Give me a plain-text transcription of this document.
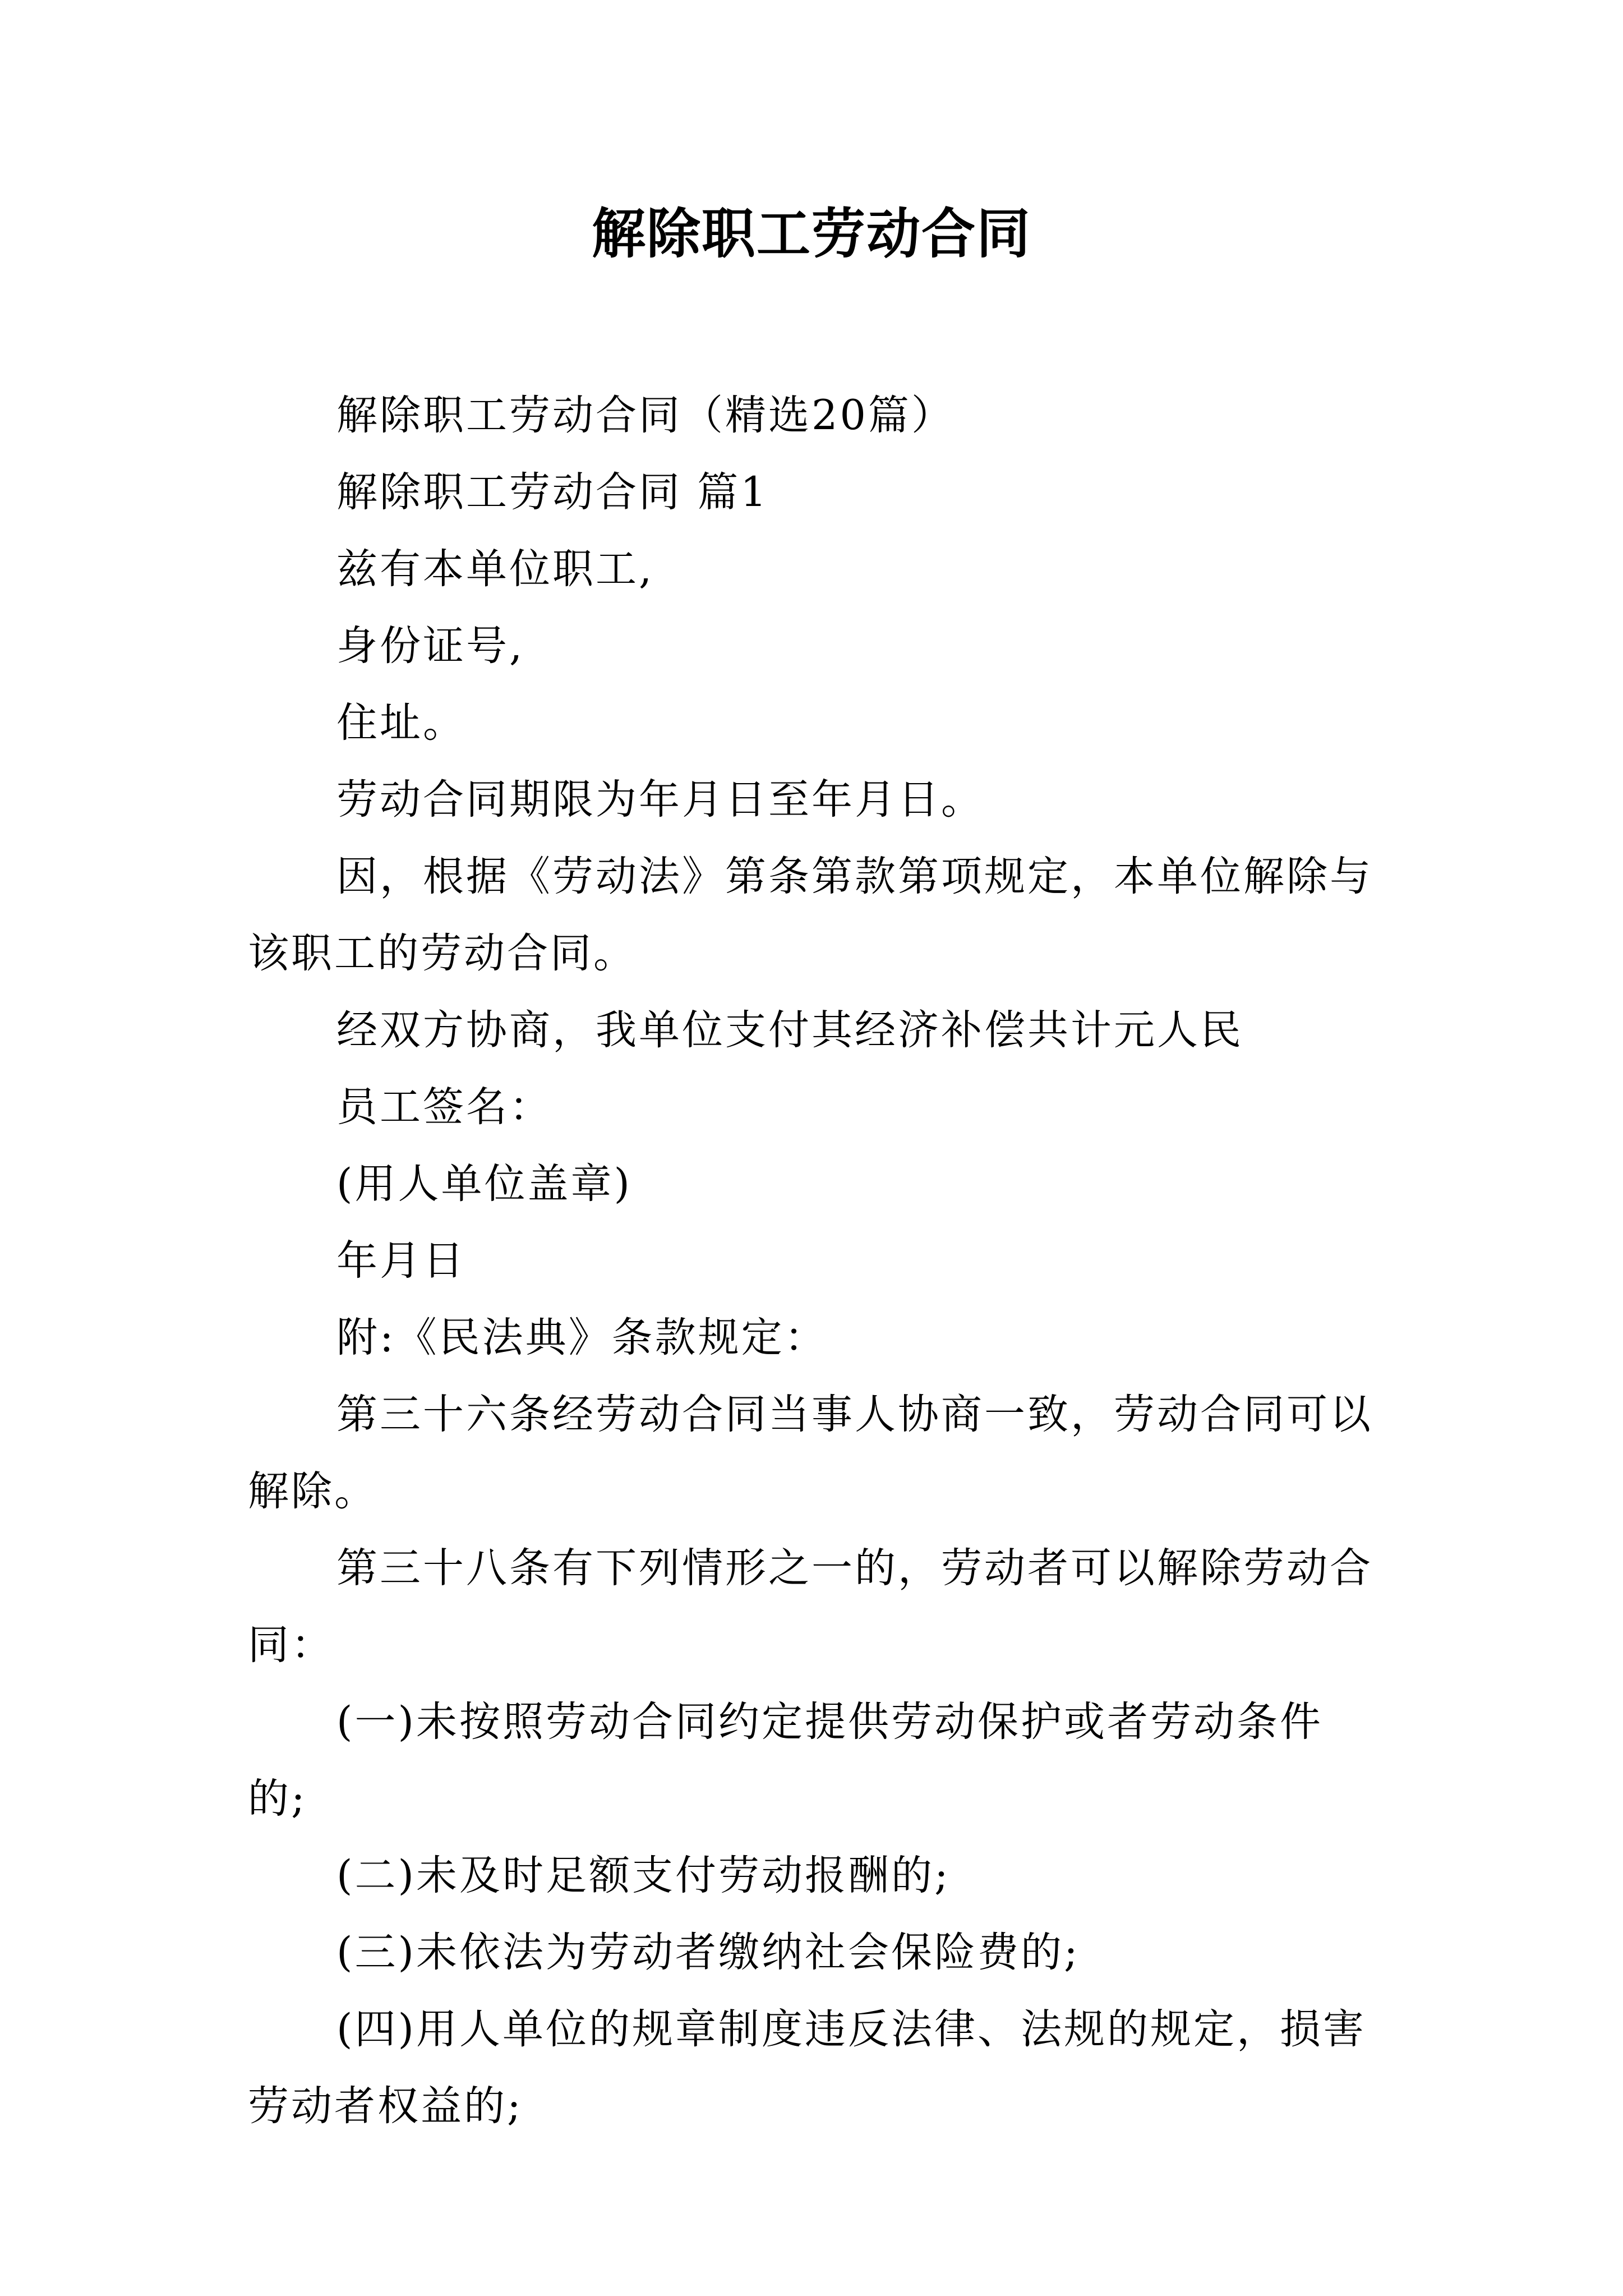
解除职工劳动合同

解除职工劳动合同（精选20篇）

解除职工劳动合同 篇1

兹有本单位职工,

身份证号,

住址。

劳动合同期限为年月日至年月日。

因，根据《劳动法》第条第款第项规定，本单位解除与该职工的劳动合同。

经双方协商，我单位支付其经济补偿共计元人民

员工签名：

(用人单位盖章)

年月日

附:《民法典》条款规定：

第三十六条经劳动合同当事人协商一致，劳动合同可以解除。

第三十八条有下列情形之一的，劳动者可以解除劳动合同：

(一)未按照劳动合同约定提供劳动保护或者劳动条件的;

(二)未及时足额支付劳动报酬的;

(三)未依法为劳动者缴纳社会保险费的;

(四)用人单位的规章制度违反法律、法规的规定，损害劳动者权益的;
